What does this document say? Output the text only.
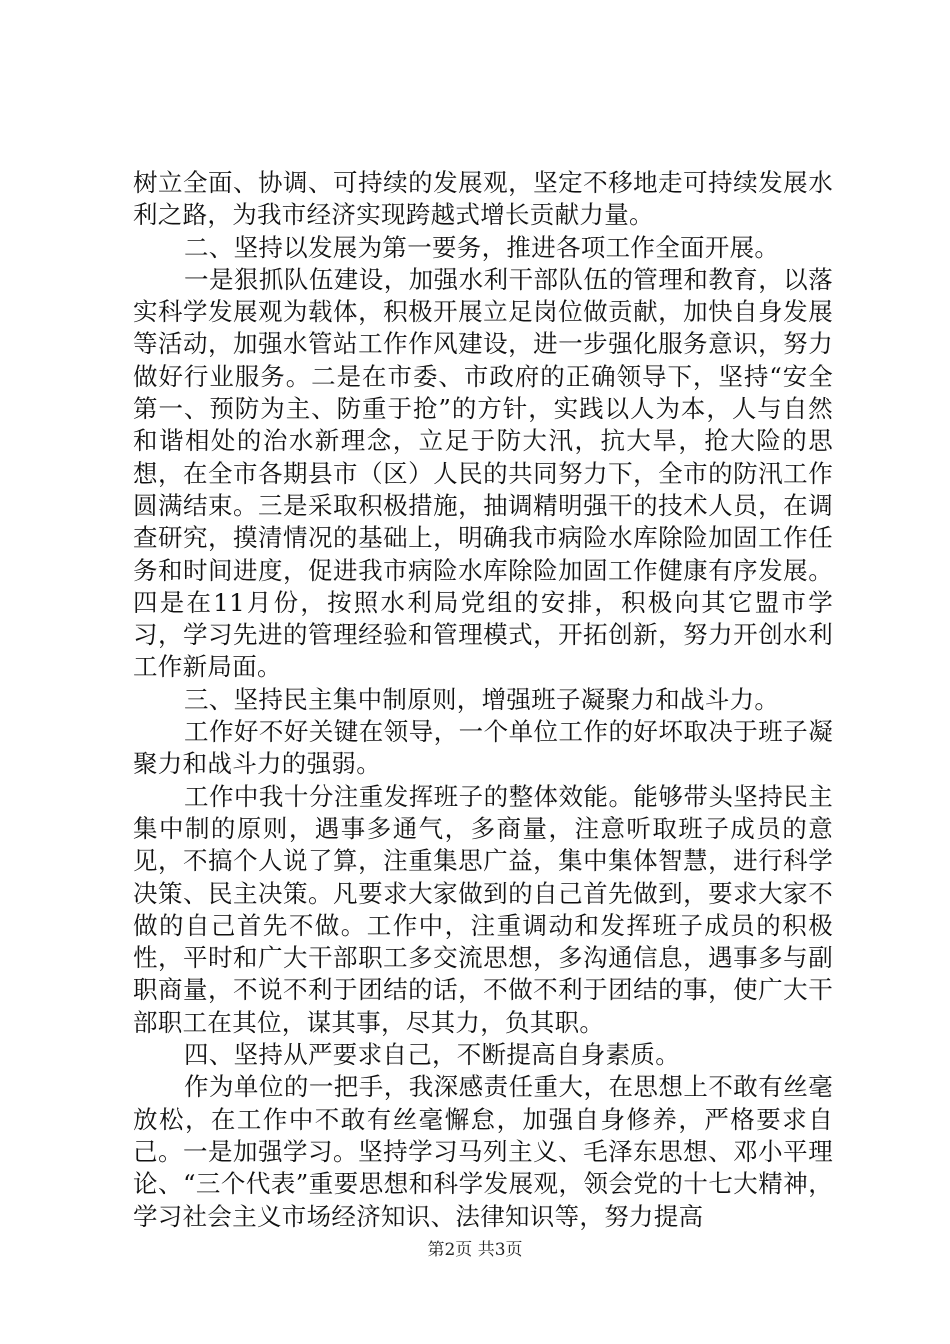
树立全面、协调、可持续的发展观，坚定不移地走可持续发展水利之路，为我市经济实现跨越式增长贡献力量。

二、坚持以发展为第一要务，推进各项工作全面开展。

一是狠抓队伍建设，加强水利干部队伍的管理和教育，以落实科学发展观为载体，积极开展立足岗位做贡献，加快自身发展等活动，加强水管站工作作风建设，进一步强化服务意识，努力做好行业服务。二是在市委、市政府的正确领导下，坚持“安全第一、预防为主、防重于抢”的方针，实践以人为本，人与自然和谐相处的治水新理念，立足于防大汛，抗大旱，抢大险的思想，在全市各期县市（区）人民的共同努力下，全市的防汛工作圆满结束。三是采取积极措施，抽调精明强干的技术人员，在调查研究，摸清情况的基础上，明确我市病险水库除险加固工作任务和时间进度，促进我市病险水库除险加固工作健康有序发展。四是在11月份，按照水利局党组的安排，积极向其它盟市学习，学习先进的管理经验和管理模式，开拓创新，努力开创水利工作新局面。

三、坚持民主集中制原则，增强班子凝聚力和战斗力。

工作好不好关键在领导，一个单位工作的好坏取决于班子凝聚力和战斗力的强弱。

工作中我十分注重发挥班子的整体效能。能够带头坚持民主集中制的原则，遇事多通气，多商量，注意听取班子成员的意见，不搞个人说了算，注重集思广益，集中集体智慧，进行科学决策、民主决策。凡要求大家做到的自己首先做到，要求大家不做的自己首先不做。工作中，注重调动和发挥班子成员的积极性，平时和广大干部职工多交流思想，多沟通信息，遇事多与副职商量，不说不利于团结的话，不做不利于团结的事，使广大干部职工在其位，谋其事，尽其力，负其职。

四、坚持从严要求自己，不断提高自身素质。

作为单位的一把手，我深感责任重大，在思想上不敢有丝毫放松，在工作中不敢有丝毫懈怠，加强自身修养，严格要求自己。一是加强学习。坚持学习马列主义、毛泽东思想、邓小平理论、“三个代表”重要思想和科学发展观，领会党的十七大精神，学习社会主义市场经济知识、法律知识等，努力提高

第2页 共3页
